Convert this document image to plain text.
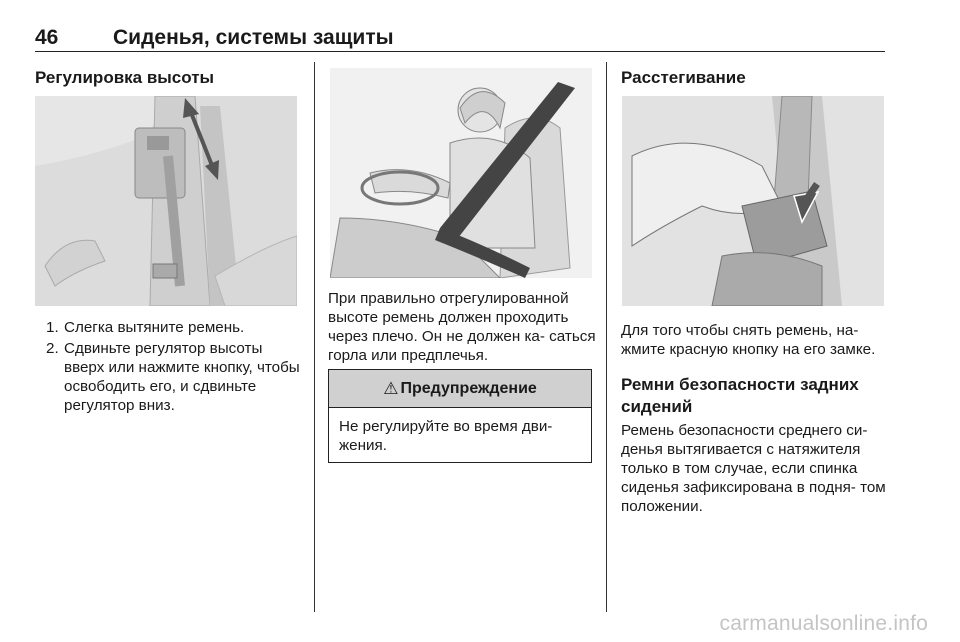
46	Сиденья, системы защиты
Регулировка высоты
1. Слегка вытяните ремень.
2. Сдвиньте регулятор высоты вверх или нажмите кнопку, чтобы освободить его, и сдвиньте регулятор вниз.
При правильно отрегулированной высоте ремень должен проходить через плечо. Он не должен ка- саться горла или предплечья.
⚠ Предупреждение
Не регулируйте во время дви- жения.
Расстегивание
Для того чтобы снять ремень, на- жмите красную кнопку на его замке.
Ремни безопасности задних сидений
Ремень безопасности среднего си- денья вытягивается с натяжителя только в том случае, если спинка сиденья зафиксирована в подня- том положении.
carmanualsonline.info
